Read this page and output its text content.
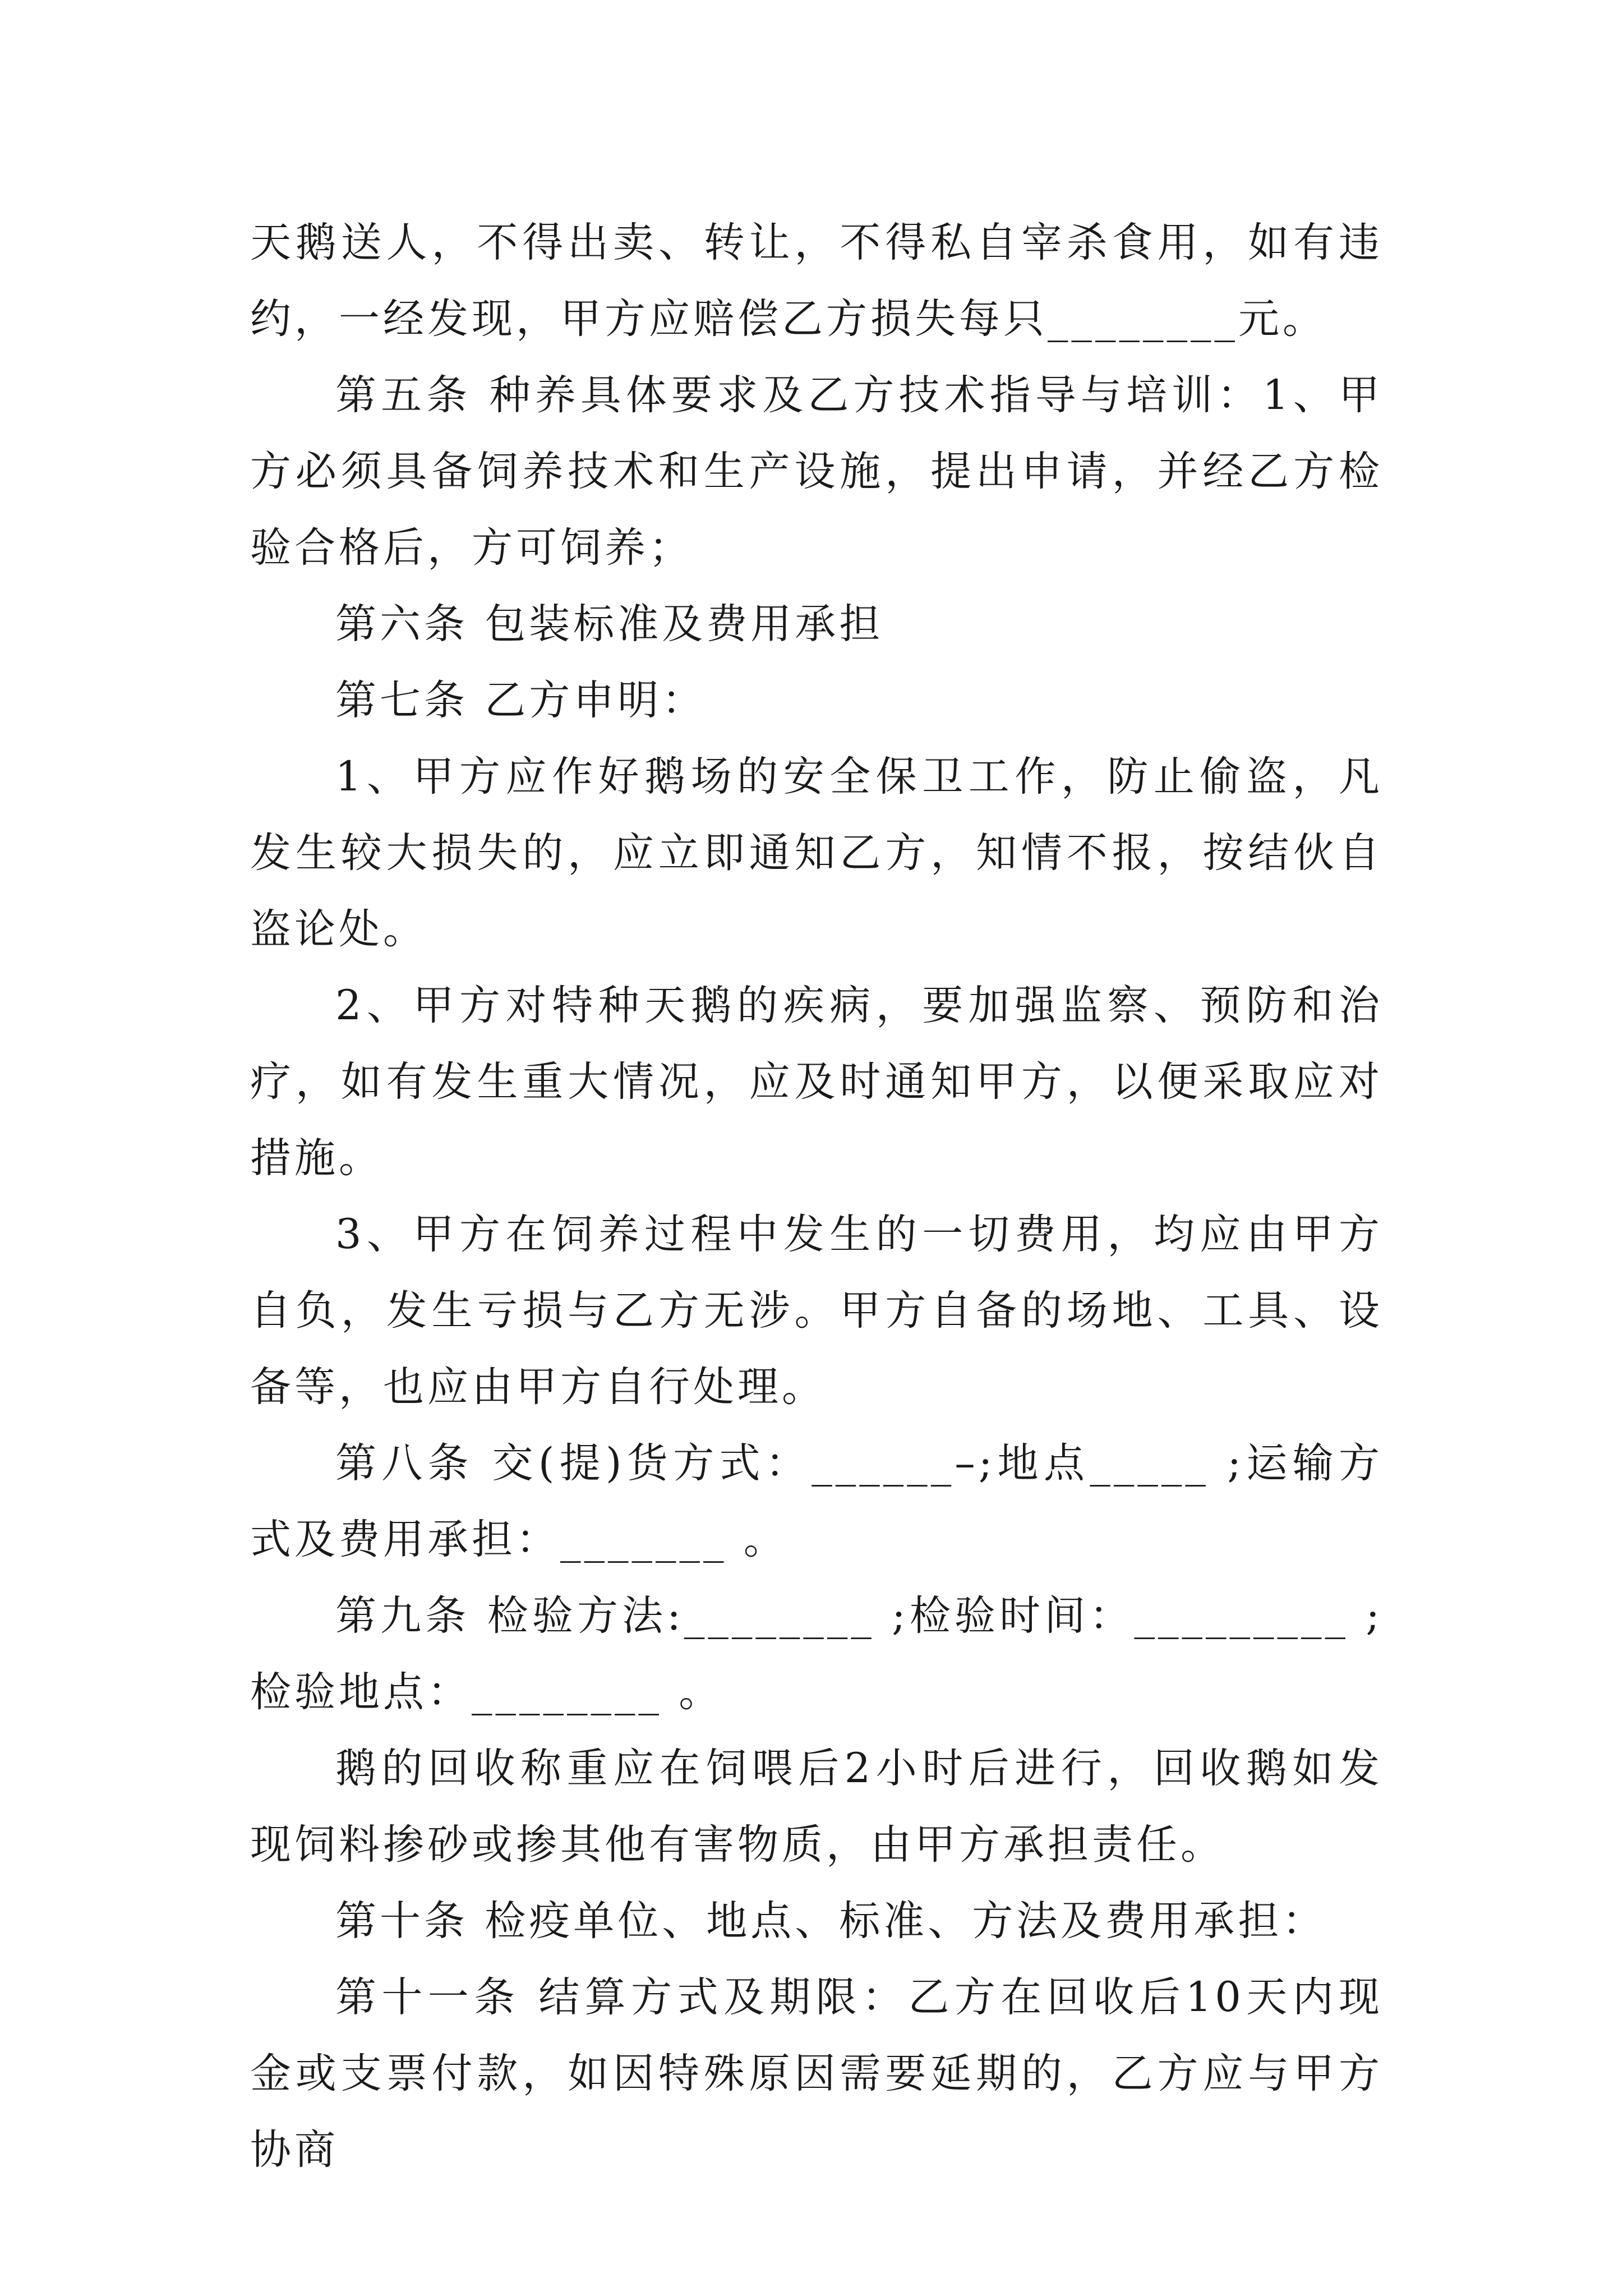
天鹅送人，不得出卖、转让，不得私自宰杀食用，如有违约，一经发现，甲方应赔偿乙方损失每只________元。

第五条 种养具体要求及乙方技术指导与培训：1、甲方必须具备饲养技术和生产设施，提出申请，并经乙方检验合格后，方可饲养；

第六条 包装标准及费用承担

第七条 乙方申明：

1、甲方应作好鹅场的安全保卫工作，防止偷盗，凡发生较大损失的，应立即通知乙方，知情不报，按结伙自盗论处。

2、甲方对特种天鹅的疾病，要加强监察、预防和治疗，如有发生重大情况，应及时通知甲方，以便采取应对措施。

3、甲方在饲养过程中发生的一切费用，均应由甲方自负，发生亏损与乙方无涉。甲方自备的场地、工具、设备等，也应由甲方自行处理。

第八条 交(提)货方式：______–;地点_____ ;运输方式及费用承担：_______ 。

第九条 检验方法:________ ;检验时间：_________ ;检验地点：________ 。

鹅的回收称重应在饲喂后2小时后进行，回收鹅如发现饲料掺砂或掺其他有害物质，由甲方承担责任。

第十条 检疫单位、地点、标准、方法及费用承担：

第十一条 结算方式及期限：乙方在回收后10天内现金或支票付款，如因特殊原因需要延期的，乙方应与甲方协商
